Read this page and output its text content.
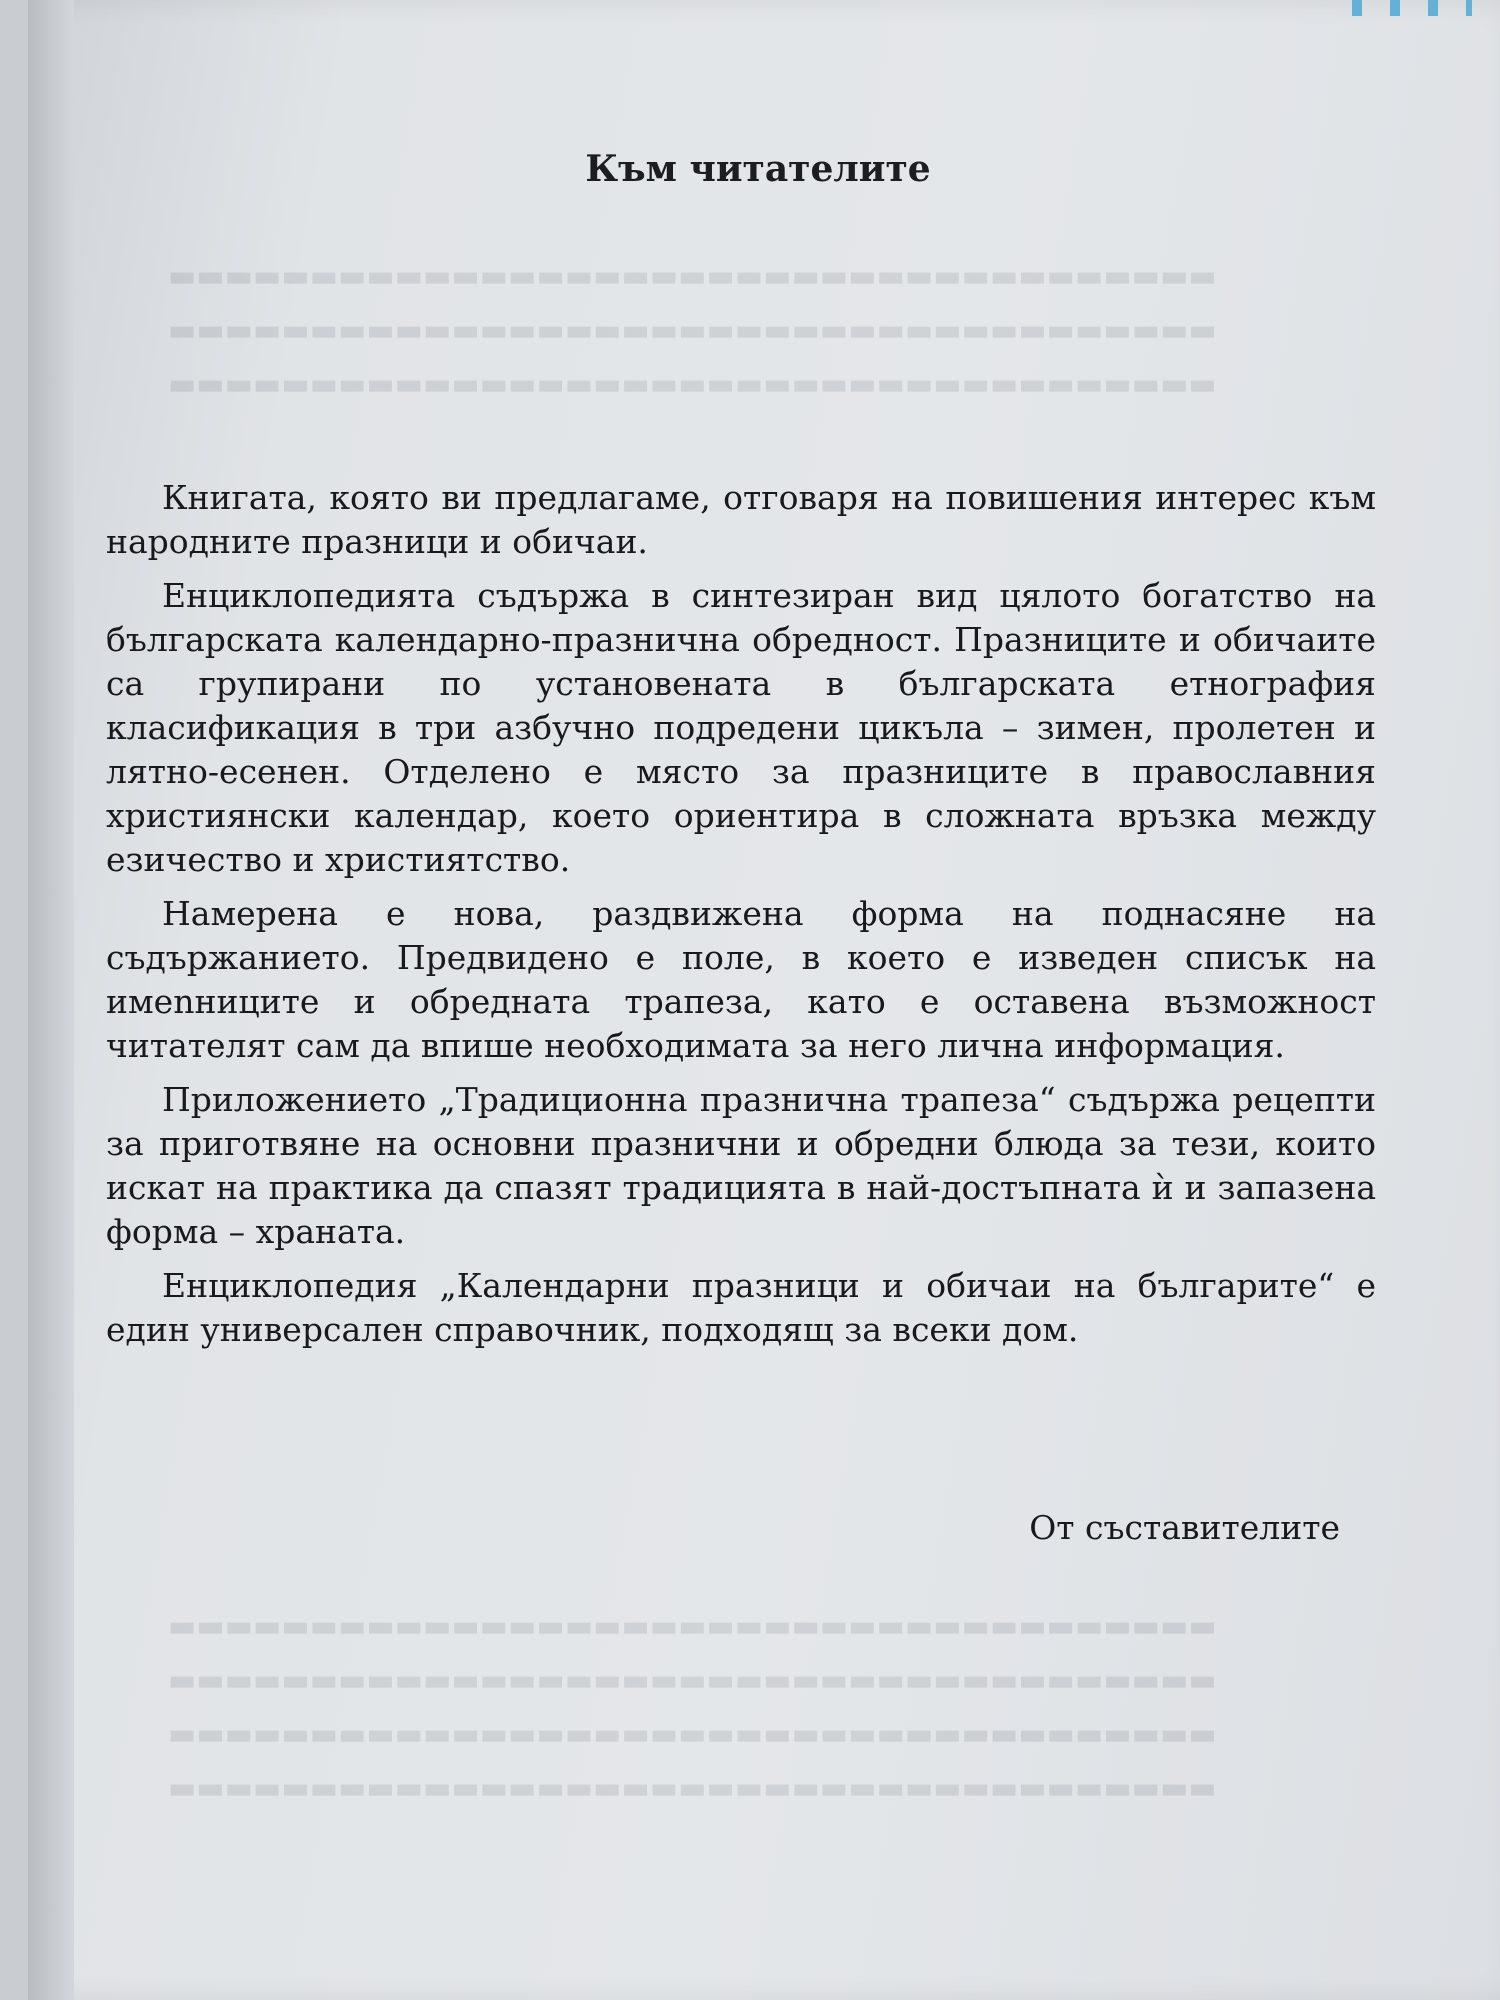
▬▬▬▬▬▬▬▬▬▬▬▬▬▬▬▬▬▬▬▬▬▬▬▬▬▬▬▬▬▬▬▬▬▬▬▬▬
▬▬▬▬▬▬▬▬▬▬▬▬▬▬▬▬▬▬▬▬▬▬▬▬▬▬▬▬▬▬▬▬▬▬▬▬▬
▬▬▬▬▬▬▬▬▬▬▬▬▬▬▬▬▬▬▬▬▬▬▬▬▬▬▬▬▬▬▬▬▬▬▬▬▬
▬▬▬▬▬▬▬▬▬▬▬▬▬▬▬▬▬▬▬▬▬▬▬▬▬▬▬▬▬▬▬▬▬▬▬▬▬
▬▬▬▬▬▬▬▬▬▬▬▬▬▬▬▬▬▬▬▬▬▬▬▬▬▬▬▬▬▬▬▬▬▬▬▬▬
▬▬▬▬▬▬▬▬▬▬▬▬▬▬▬▬▬▬▬▬▬▬▬▬▬▬▬▬▬▬▬▬▬▬▬▬▬
▬▬▬▬▬▬▬▬▬▬▬▬▬▬▬▬▬▬▬▬▬▬▬▬▬▬▬▬▬▬▬▬▬▬▬▬▬
Към читателите

Книгата, която ви предлагаме, отговаря на повишения интерес към народните празници и обичаи.

Енциклопедията съдържа в синтезиран вид цялото богатство на българската календарно-празнична обредност. Празниците и обичаите са групирани по установената в българската етнография класификация в три азбучно подредени цикъла – зимен, пролетен и лятно-есенен. Отделено е място за празниците в православния християнски календар, което ориентира в сложната връзка между езичество и християтство.

Намерена е нова, раздвижена форма на поднасяне на съдържанието. Предвидено е поле, в което е изведен списък на имenниците и обредната трапеза, като е оставена възможност читателят сам да впише необходимата за него лична информация.

Приложението „Традиционна празнична трапеза“ съдържа рецепти за приготвяне на основни празнични и обредни блюда за тези, които искат на практика да спазят традицията в най-достъпната ѝ и запазена форма – храната.

Енциклопедия „Календарни празници и обичаи на българите“ е един универсален справочник, подходящ за всеки дом.

От съставителите
